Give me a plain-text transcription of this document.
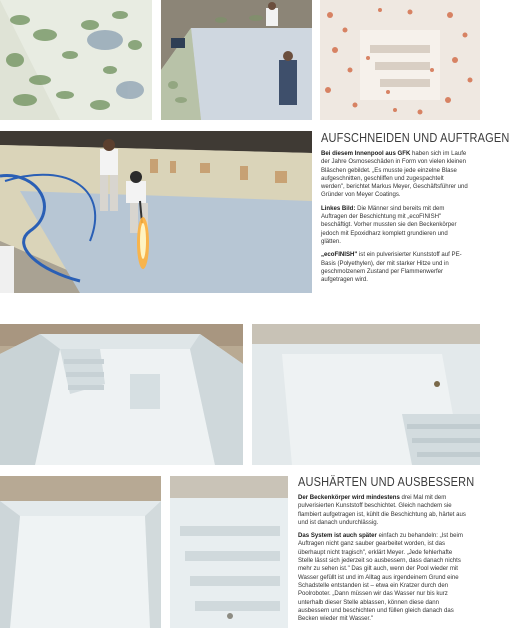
AUFSCHNEIDEN UND AUFTRAGEN

Bei diesem Innenpool aus GFK haben sich im Laufe der Jahre Osmoseschäden in Form von vielen kleinen Bläschen gebildet. „Es musste jede einzelne Blase aufgeschnitten, geschliffen und zugespachtelt werden", berichtet Markus Meyer, Geschäftsführer und Gründer von Meyer Coatings.

Linkes Bild: Die Männer sind bereits mit dem Auftragen der Beschichtung mit „ecoFINISH" beschäftigt. Vorher mussten sie den Beckenkörper jedoch mit Epoxidharz komplett grundieren und glätten.

„ecoFINISH" ist ein pulverisierter Kunststoff auf PE-Basis (Polyethylen), der mit starker Hitze und in geschmolzenem Zustand per Flammenwerfer aufgetragen wird.

AUSHÄRTEN UND AUSBESSERN

Der Beckenkörper wird mindestens drei Mal mit dem pulverisierten Kunststoff beschichtet. Gleich nachdem sie flambiert aufgetragen ist, kühlt die Beschichtung ab, härtet aus und ist danach undurchlässig.

Das System ist auch später einfach zu behandeln: „Ist beim Auftragen nicht ganz sauber gearbeitet worden, ist das überhaupt nicht tragisch", erklärt Meyer. „Jede fehlerhafte Stelle lässt sich jederzeit so ausbessern, dass danach nichts mehr zu sehen ist." Das gilt auch, wenn der Pool wieder mit Wasser gefüllt ist und im Alltag aus irgendeinem Grund eine Schadstelle entstanden ist – etwa ein Kratzer durch den Poolroboter. „Dann müssen wir das Wasser nur bis kurz unterhalb dieser Stelle ablassen, können diese dann ausbessern und beschichten und füllen gleich danach das Becken wieder mit Wasser."
